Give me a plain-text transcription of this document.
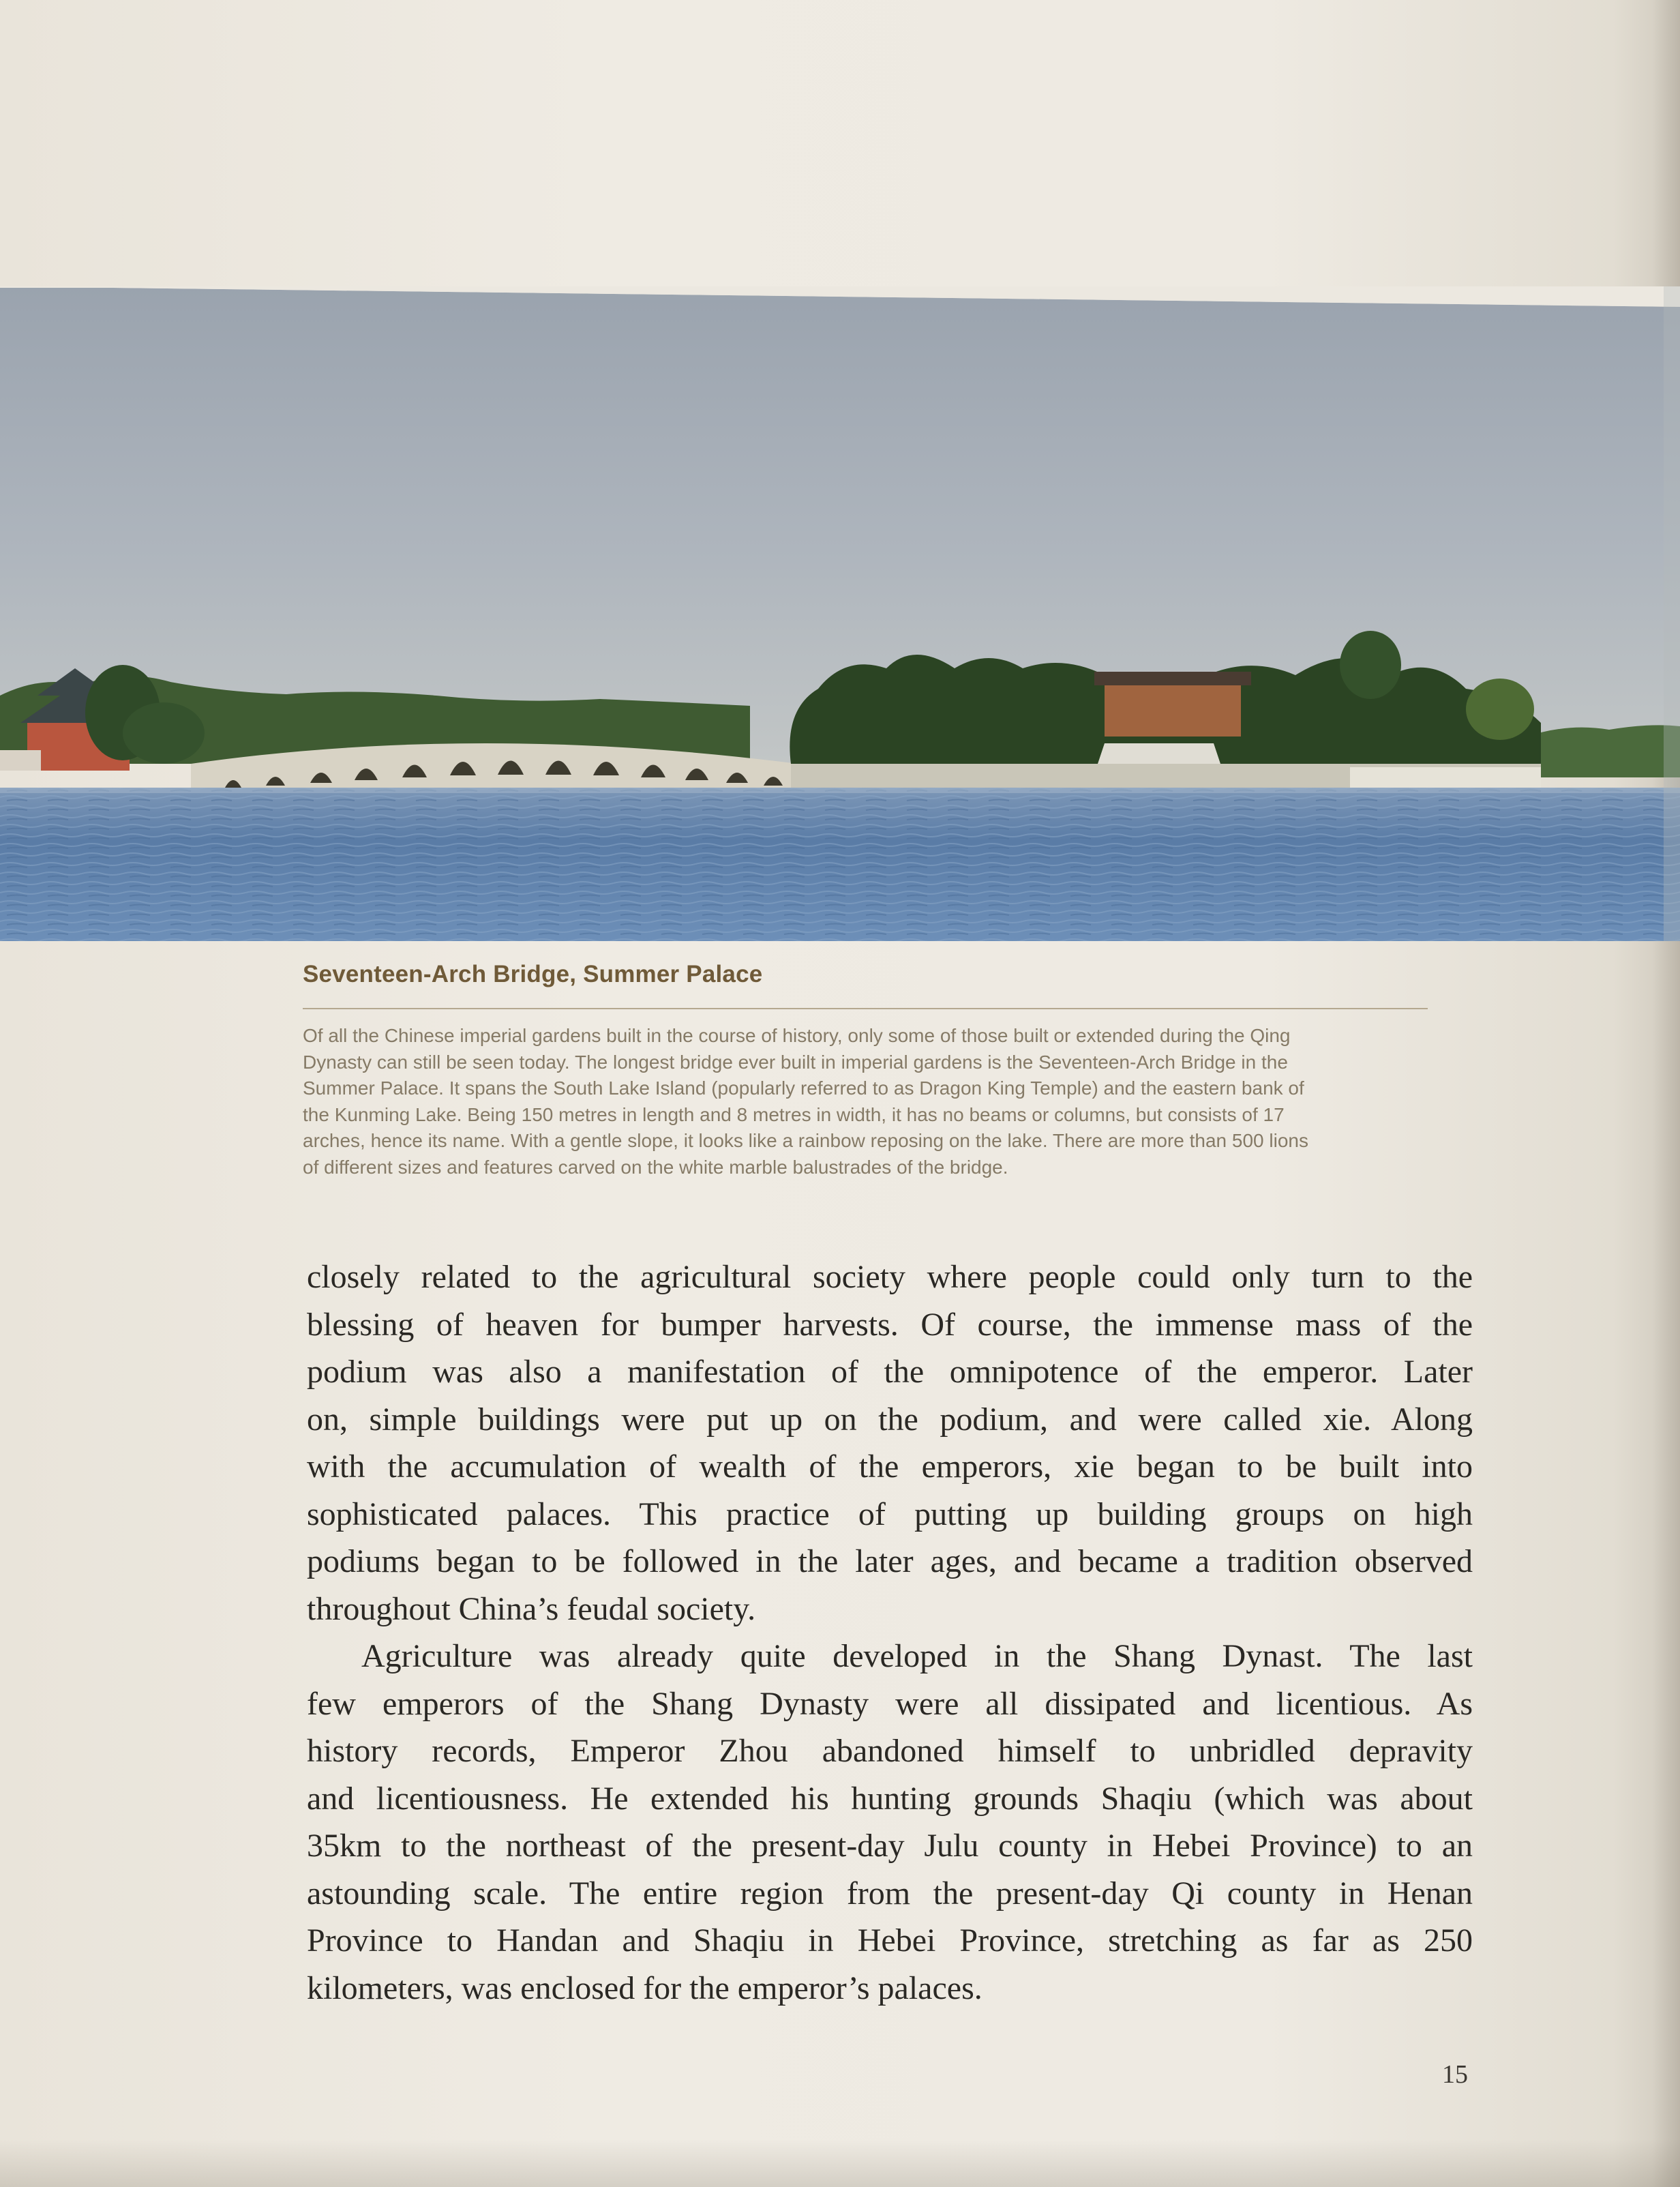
Seventeen-Arch Bridge, Summer Palace
Of all the Chinese imperial gardens built in the course of history, only some of those built or extended during the Qing
Dynasty can still be seen today. The longest bridge ever built in imperial gardens is the Seventeen-Arch Bridge in the
Summer Palace. It spans the South Lake Island (popularly referred to as Dragon King Temple) and the eastern bank of
the Kunming Lake. Being 150 metres in length and 8 metres in width, it has no beams or columns, but consists of 17
arches, hence its name. With a gentle slope, it looks like a rainbow reposing on the lake. There are more than 500 lions
of different sizes and features carved on the white marble balustrades of the bridge.
closely related to the agricultural society where people could only turn to the
blessing of heaven for bumper harvests. Of course, the immense mass of the
podium was also a manifestation of the omnipotence of the emperor. Later
on, simple buildings were put up on the podium, and were called xie. Along
with the accumulation of wealth of the emperors, xie began to be built into
sophisticated palaces. This practice of putting up building groups on high
podiums began to be followed in the later ages, and became a tradition observed
throughout China’s feudal society.
Agriculture was already quite developed in the Shang Dynast. The last
few emperors of the Shang Dynasty were all dissipated and licentious. As
history records, Emperor Zhou abandoned himself to unbridled depravity
and licentiousness. He extended his hunting grounds Shaqiu (which was about
35km to the northeast of the present-day Julu county in Hebei Province) to an
astounding scale. The entire region from the present-day Qi county in Henan
Province to Handan and Shaqiu in Hebei Province, stretching as far as 250
kilometers, was enclosed for the emperor’s palaces.
15
